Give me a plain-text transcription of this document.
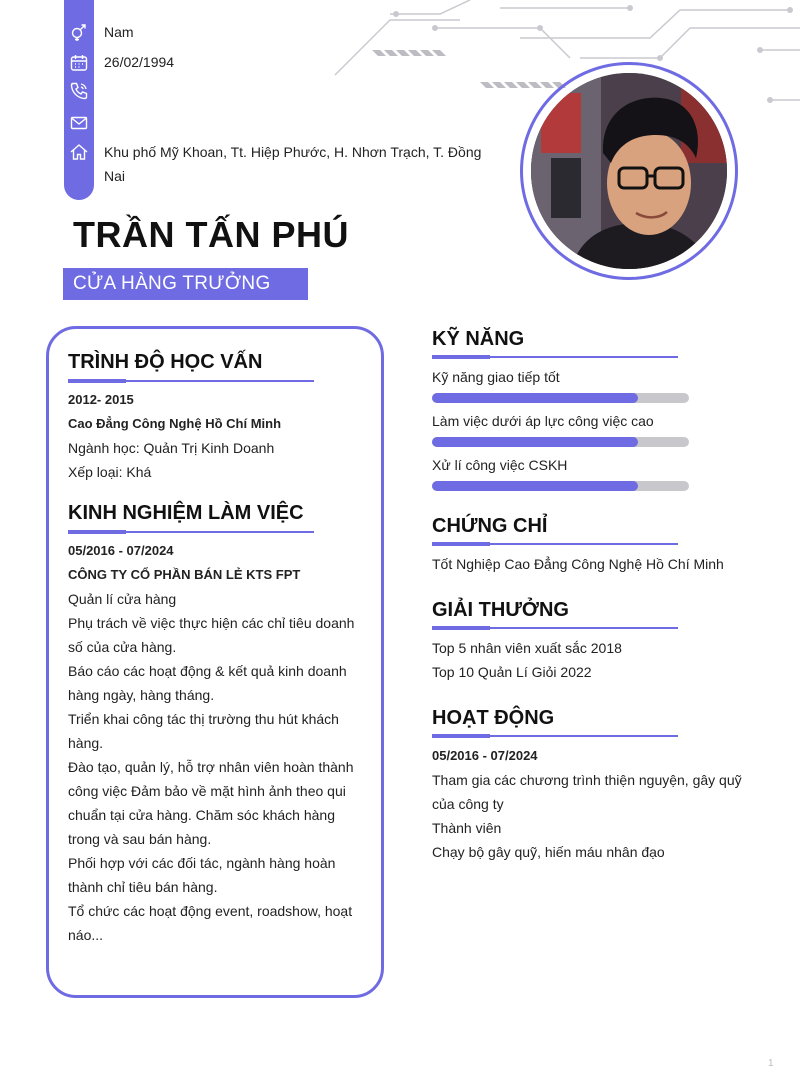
Nam
26/02/1994
Khu phố Mỹ Khoan, Tt. Hiệp Phước, H. Nhơn Trạch, T. Đồng
Nai
TRẦN TẤN PHÚ
CỬA HÀNG TRƯỞNG
TRÌNH ĐỘ HỌC VẤN
2012- 2015
Cao Đẳng Công Nghệ Hồ Chí Minh
Ngành học: Quản Trị Kinh Doanh
Xếp loại: Khá
KINH NGHIỆM LÀM VIỆC
05/2016 - 07/2024
CÔNG TY CỔ PHẦN BÁN LẺ KTS FPT
Quản lí cửa hàng
Phụ trách về việc thực hiện các chỉ tiêu doanh
số của cửa hàng.
Báo cáo các hoạt động & kết quả kinh doanh
hàng ngày, hàng tháng.
Triển khai công tác thị trường thu hút khách
hàng.
Đào tạo, quản lý, hỗ trợ nhân viên hoàn thành
công việc Đảm bảo về mặt hình ảnh theo qui
chuẩn tại cửa hàng. Chăm sóc khách hàng
trong và sau bán hàng.
Phối hợp với các đối tác, ngành hàng hoàn
thành chỉ tiêu bán hàng.
Tổ chức các hoạt động event, roadshow, hoạt
náo...
KỸ NĂNG
Kỹ năng giao tiếp tốt
Làm việc dưới áp lực công việc cao
Xử lí công việc CSKH
CHỨNG CHỈ
Tốt Nghiệp Cao Đẳng Công Nghệ Hồ Chí Minh
GIẢI THƯỞNG
Top 5 nhân viên xuất sắc 2018
Top 10 Quản Lí Giỏi 2022
HOẠT ĐỘNG
05/2016 - 07/2024
Tham gia các chương trình thiện nguyện, gây quỹ
của công ty
Thành viên
Chạy bộ gây quỹ, hiến máu nhân đạo
1
